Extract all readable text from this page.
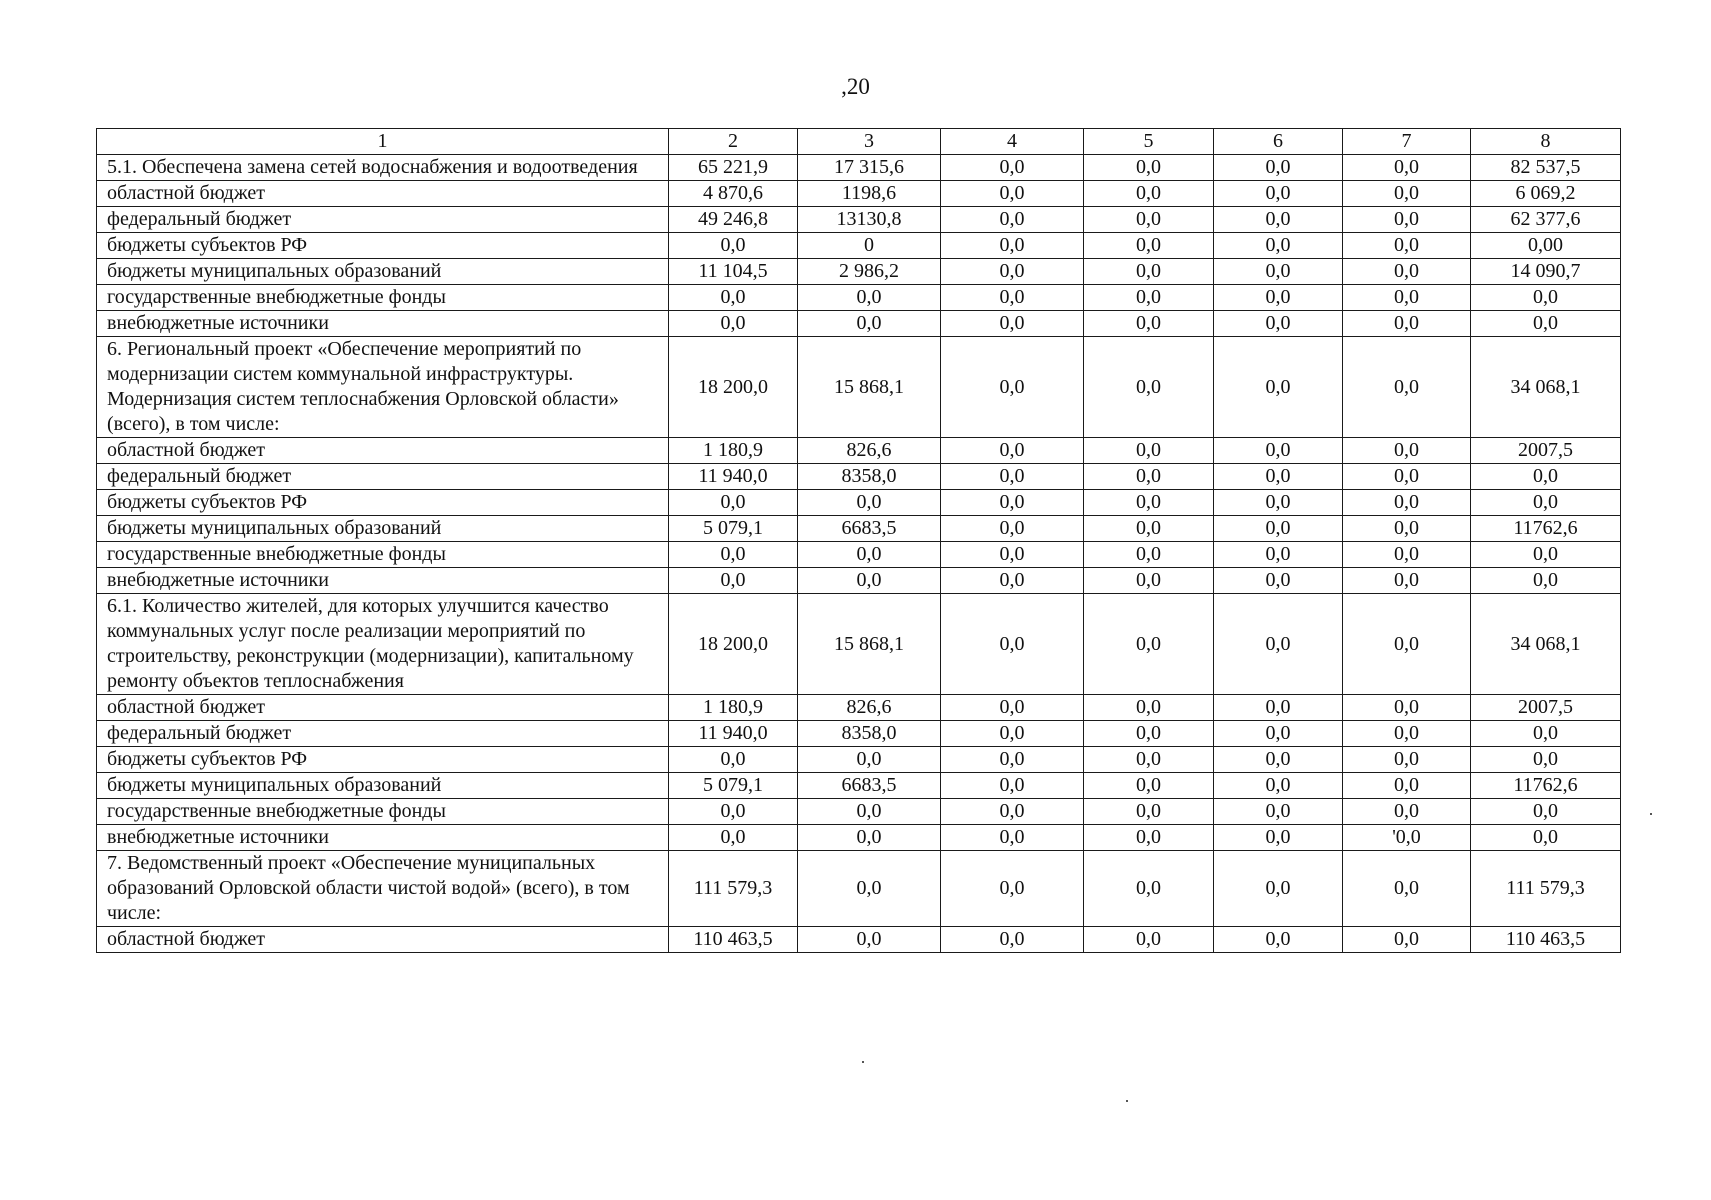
,20
1	2	3	4	5	6	7	8
5.1. Обеспечена замена сетей водоснабжения и водоотведения	65 221,9	17 315,6	0,0	0,0	0,0	0,0	82 537,5
областной бюджет	4 870,6	1198,6	0,0	0,0	0,0	0,0	6 069,2
федеральный бюджет	49 246,8	13130,8	0,0	0,0	0,0	0,0	62 377,6
бюджеты субъектов РФ	0,0	0	0,0	0,0	0,0	0,0	0,00
бюджеты муниципальных образований	11 104,5	2 986,2	0,0	0,0	0,0	0,0	14 090,7
государственные внебюджетные фонды	0,0	0,0	0,0	0,0	0,0	0,0	0,0
внебюджетные источники	0,0	0,0	0,0	0,0	0,0	0,0	0,0
6. Региональный проект «Обеспечение мероприятий по модернизации систем коммунальной инфраструктуры. Модернизация систем теплоснабжения Орловской области» (всего), в том числе:	18 200,0	15 868,1	0,0	0,0	0,0	0,0	34 068,1
областной бюджет	1 180,9	826,6	0,0	0,0	0,0	0,0	2007,5
федеральный бюджет	11 940,0	8358,0	0,0	0,0	0,0	0,0	0,0
бюджеты субъектов РФ	0,0	0,0	0,0	0,0	0,0	0,0	0,0
бюджеты муниципальных образований	5 079,1	6683,5	0,0	0,0	0,0	0,0	11762,6
государственные внебюджетные фонды	0,0	0,0	0,0	0,0	0,0	0,0	0,0
внебюджетные источники	0,0	0,0	0,0	0,0	0,0	0,0	0,0
6.1. Количество жителей, для которых улучшится качество коммунальных услуг после реализации мероприятий по строительству, реконструкции (модернизации), капитальному ремонту объектов теплоснабжения	18 200,0	15 868,1	0,0	0,0	0,0	0,0	34 068,1
областной бюджет	1 180,9	826,6	0,0	0,0	0,0	0,0	2007,5
федеральный бюджет	11 940,0	8358,0	0,0	0,0	0,0	0,0	0,0
бюджеты субъектов РФ	0,0	0,0	0,0	0,0	0,0	0,0	0,0
бюджеты муниципальных образований	5 079,1	6683,5	0,0	0,0	0,0	0,0	11762,6
государственные внебюджетные фонды	0,0	0,0	0,0	0,0	0,0	0,0	0,0
внебюджетные источники	0,0	0,0	0,0	0,0	0,0	'0,0	0,0
7. Ведомственный проект «Обеспечение муниципальных образований Орловской области чистой водой» (всего), в том числе:	111 579,3	0,0	0,0	0,0	0,0	0,0	111 579,3
областной бюджет	110 463,5	0,0	0,0	0,0	0,0	0,0	110 463,5
